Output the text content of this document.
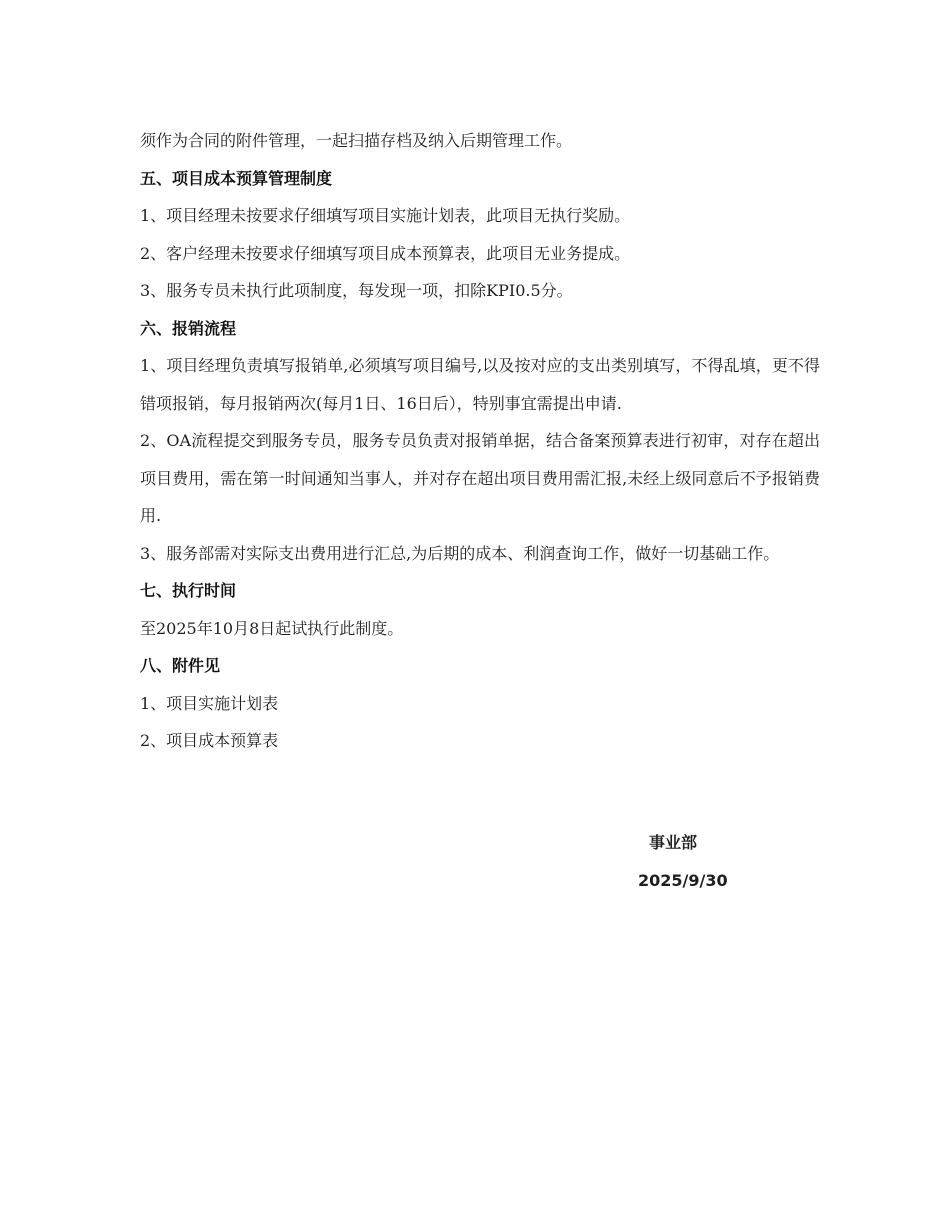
须作为合同的附件管理，一起扫描存档及纳入后期管理工作。
五、项目成本预算管理制度
1、项目经理未按要求仔细填写项目实施计划表，此项目无执行奖励。
2、客户经理未按要求仔细填写项目成本预算表，此项目无业务提成。
3、服务专员未执行此项制度，每发现一项，扣除KPI0.5分。
六、报销流程
1、项目经理负责填写报销单,必须填写项目编号,以及按对应的支出类别填写，不得乱填，更不得错项报销，每月报销两次(每月1日、16日后），特别事宜需提出申请.
2、OA流程提交到服务专员，服务专员负责对报销单据，结合备案预算表进行初审，对存在超出项目费用，需在第一时间通知当事人，并对存在超出项目费用需汇报,未经上级同意后不予报销费用.
3、服务部需对实际支出费用进行汇总,为后期的成本、利润查询工作，做好一切基础工作。
七、执行时间
至2025年10月8日起试执行此制度。
八、附件见
1、项目实施计划表
2、项目成本预算表
事业部
2025/9/30
